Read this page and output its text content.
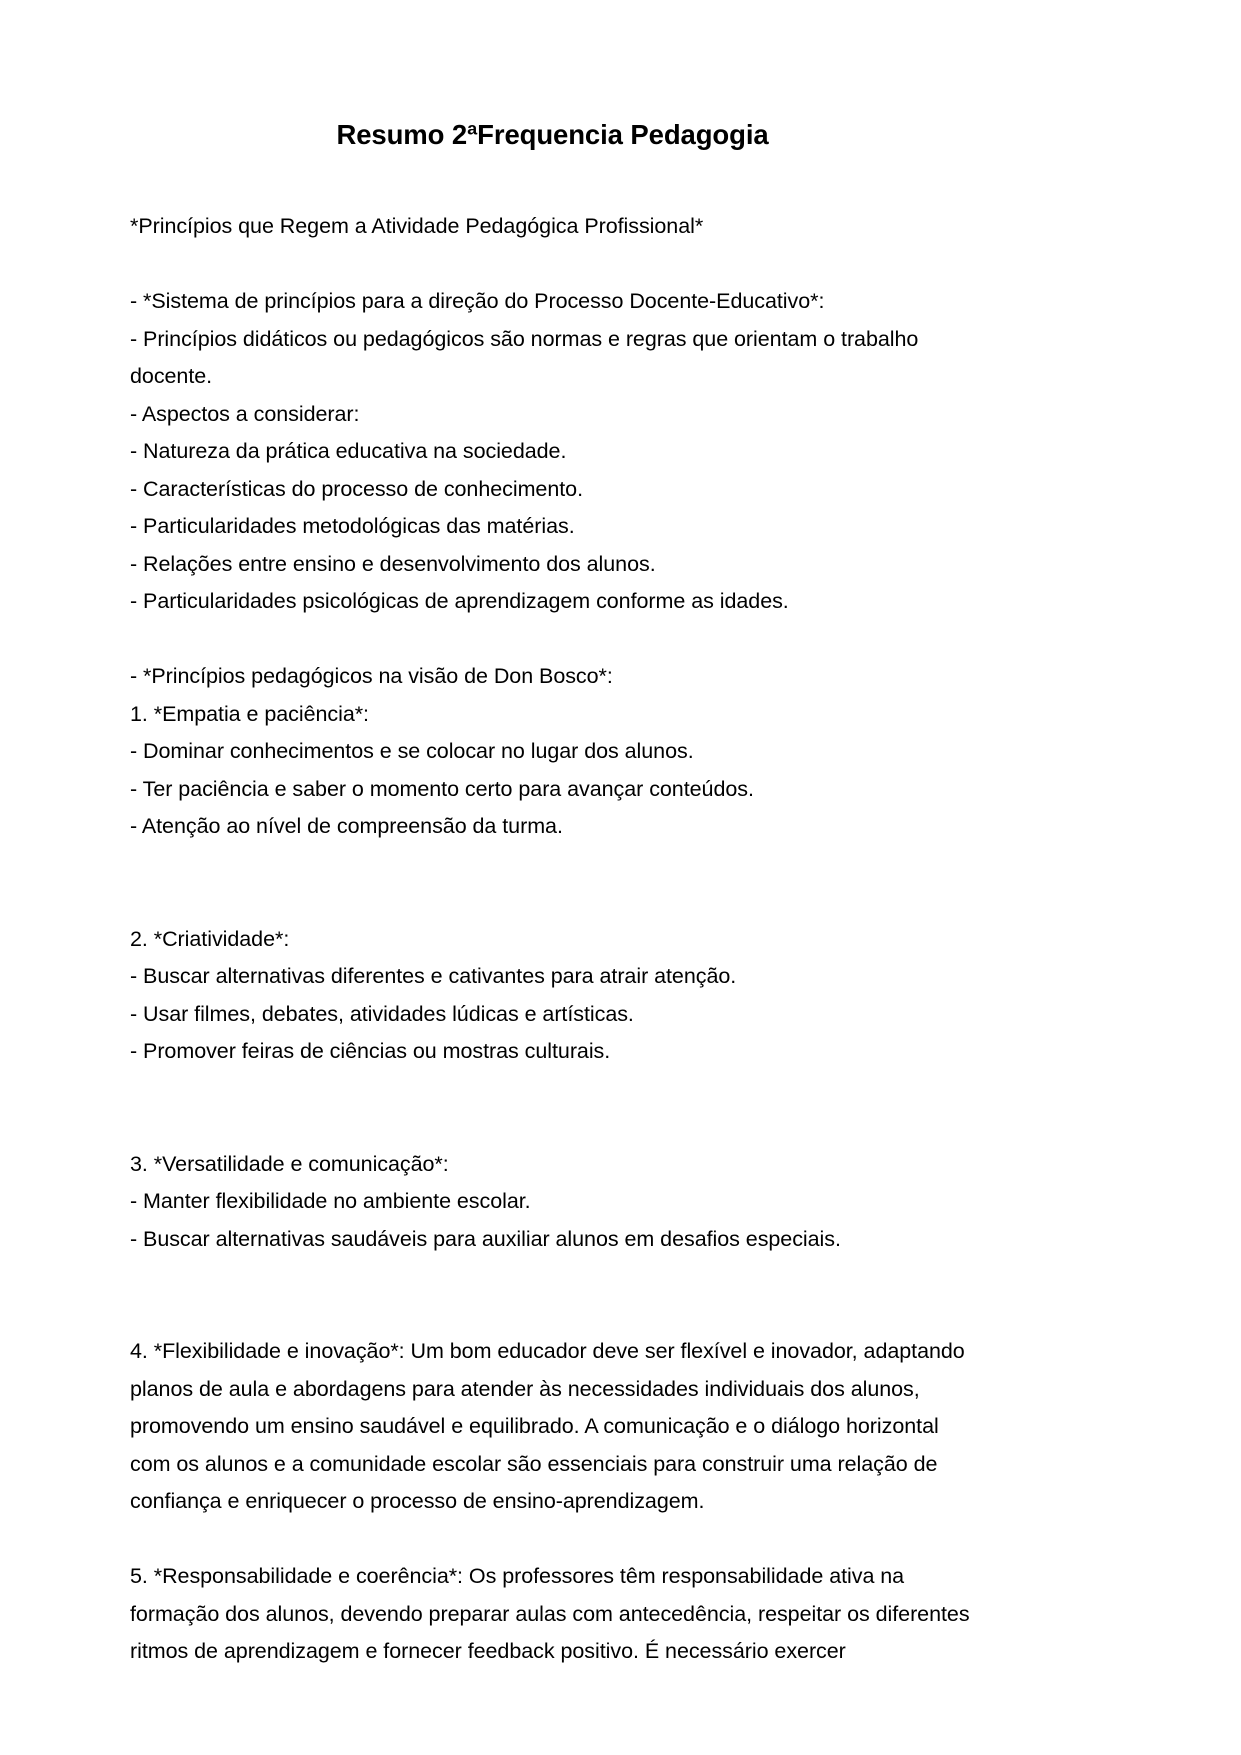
Resumo 2ªFrequencia Pedagogia

*Princípios que Regem a Atividade Pedagógica Profissional*

- *Sistema de princípios para a direção do Processo Docente-Educativo*:

- Princípios didáticos ou pedagógicos são normas e regras que orientam o trabalho docente.

- Aspectos a considerar:

- Natureza da prática educativa na sociedade.

- Características do processo de conhecimento.

- Particularidades metodológicas das matérias.

- Relações entre ensino e desenvolvimento dos alunos.

- Particularidades psicológicas de aprendizagem conforme as idades.

- *Princípios pedagógicos na visão de Don Bosco*:

1. *Empatia e paciência*:

- Dominar conhecimentos e se colocar no lugar dos alunos.

- Ter paciência e saber o momento certo para avançar conteúdos.

- Atenção ao nível de compreensão da turma.

2. *Criatividade*:

- Buscar alternativas diferentes e cativantes para atrair atenção.

- Usar filmes, debates, atividades lúdicas e artísticas.

- Promover feiras de ciências ou mostras culturais.

3. *Versatilidade e comunicação*:

- Manter flexibilidade no ambiente escolar.

- Buscar alternativas saudáveis para auxiliar alunos em desafios especiais.

4. *Flexibilidade e inovação*: Um bom educador deve ser flexível e inovador, adaptando planos de aula e abordagens para atender às necessidades individuais dos alunos, promovendo um ensino saudável e equilibrado. A comunicação e o diálogo horizontal com os alunos e a comunidade escolar são essenciais para construir uma relação de confiança e enriquecer o processo de ensino-aprendizagem.

5. *Responsabilidade e coerência*: Os professores têm responsabilidade ativa na formação dos alunos, devendo preparar aulas com antecedência, respeitar os diferentes ritmos de aprendizagem e fornecer feedback positivo. É necessário exercer
